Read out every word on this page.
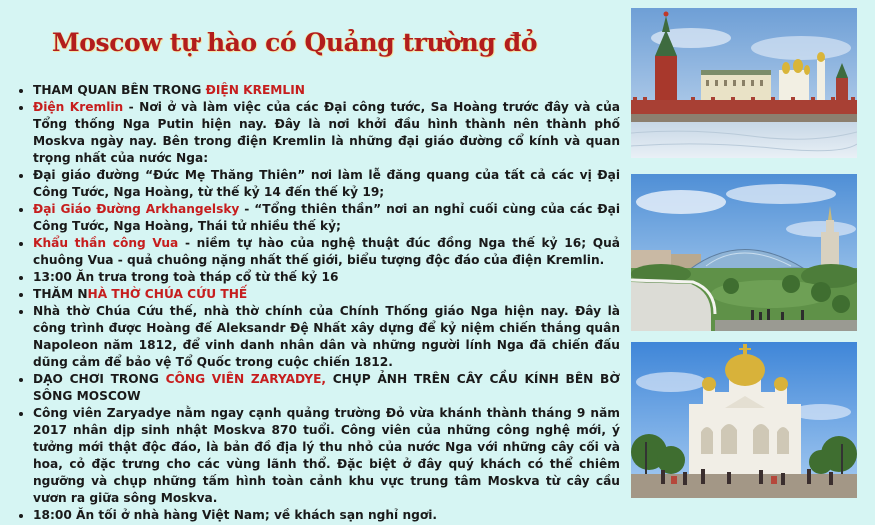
Moscow tự hào có Quảng trường đỏ
• THAM QUAN BÊN TRONG ĐIỆN KREMLIN
• Điện Kremlin - Nơi ở và làm việc của các Đại công tước, Sa Hoàng trước đây và của Tổng thống Nga Putin hiện nay. Đây là nơi khởi đầu hình thành nên thành phố Moskva ngày nay. Bên trong điện Kremlin là những đại giáo đường cổ kính và quan trọng nhất của nước Nga:
• Đại giáo đường “Đức Mẹ Thăng Thiên” nơi làm lễ đăng quang của tất cả các vị Đại Công Tước, Nga Hoàng, từ thế kỷ 14 đến thế kỷ 19;
• Đại Giáo Đường Arkhangelsky - “Tổng thiên thần” nơi an nghỉ cuối cùng của các Đại Công Tước, Nga Hoàng, Thái tử nhiều thế kỷ;
• Khẩu thần công Vua - niềm tự hào của nghệ thuật đúc đồng Nga thế kỷ 16; Quả chuông Vua - quả chuông nặng nhất thế giới, biểu tượng độc đáo của điện Kremlin.
• 13:00 Ăn trưa trong toà tháp cổ từ thế kỷ 16
• THĂM NHÀ THỜ CHÚA CỨU THẾ
• Nhà thờ Chúa Cứu thế, nhà thờ chính của Chính Thống giáo Nga hiện nay. Đây là công trình được Hoàng đế Aleksandr Đệ Nhất xây dựng để kỷ niệm chiến thắng quân Napoleon năm 1812, để vinh danh nhân dân và những người lính Nga đã chiến đấu dũng cảm để bảo vệ Tổ Quốc trong cuộc chiến 1812.
• DẠO CHƠI TRONG CÔNG VIÊN ZARYADYE, CHỤP ẢNH TRÊN CÂY CẦU KÍNH BÊN BỜ SÔNG MOSCOW
• Công viên Zaryadye nằm ngay cạnh quảng trường Đỏ vừa khánh thành tháng 9 năm 2017 nhân dịp sinh nhật Moskva 870 tuổi. Công viên của những công nghệ mới, ý tưởng mới thật độc đáo, là bản đồ địa lý thu nhỏ của nước Nga với những cây cối và hoa, cỏ đặc trưng cho các vùng lãnh thổ. Đặc biệt ở đây quý khách có thể chiêm ngưỡng và chụp những tấm hình toàn cảnh khu vực trung tâm Moskva từ cây cầu vươn ra giữa sông Moskva.
• 18:00 Ăn tối ở nhà hàng Việt Nam; về khách sạn nghỉ ngơi.
